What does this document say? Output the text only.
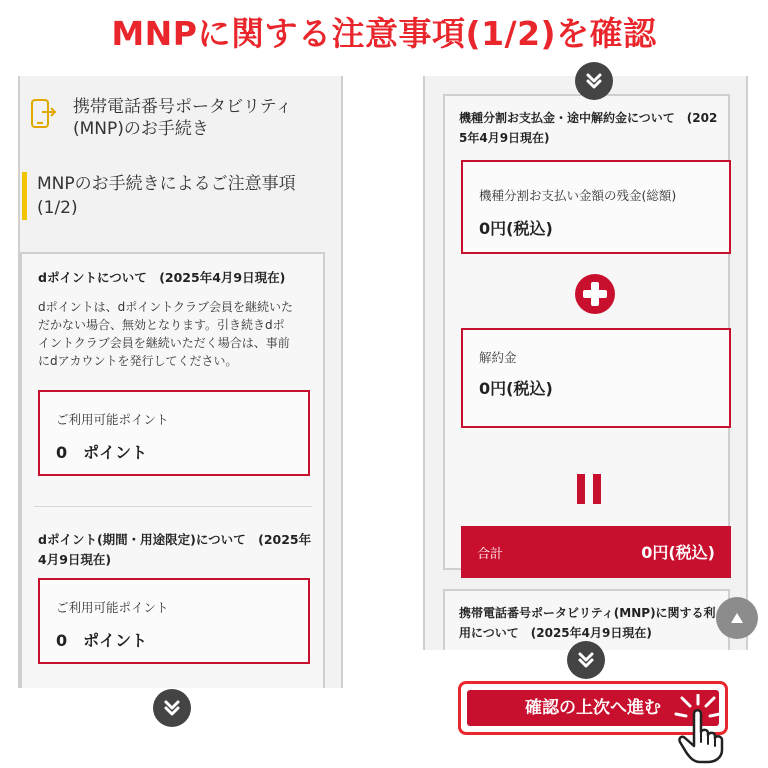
MNPに関する注意事項(1/2)を確認
携帯電話番号ポータビリティ
(MNP)のお手続き
MNPのお手続きによるご注意事項
(1/2)
dポイントについて　(2025年4月9日現在)
dポイントは、dポイントクラブ会員を継続いた
だかない場合、無効となります。引き続きdポ
イントクラブ会員を継続いただく場合は、事前
にdアカウントを発行してください。
ご利用可能ポイント
0　ポイント
dポイント(期間・用途限定)について　(2025年
4月9日現在)
ご利用可能ポイント
0　ポイント
機種分割お支払金・途中解約金について　(202
5年4月9日現在)
機種分割お支払い金額の残金(総額)
0円(税込)
解約金
0円(税込)
合計	0円(税込)
携帯電話番号ポータビリティ(MNP)に関する利
用について　(2025年4月9日現在)
確認の上次へ進む
